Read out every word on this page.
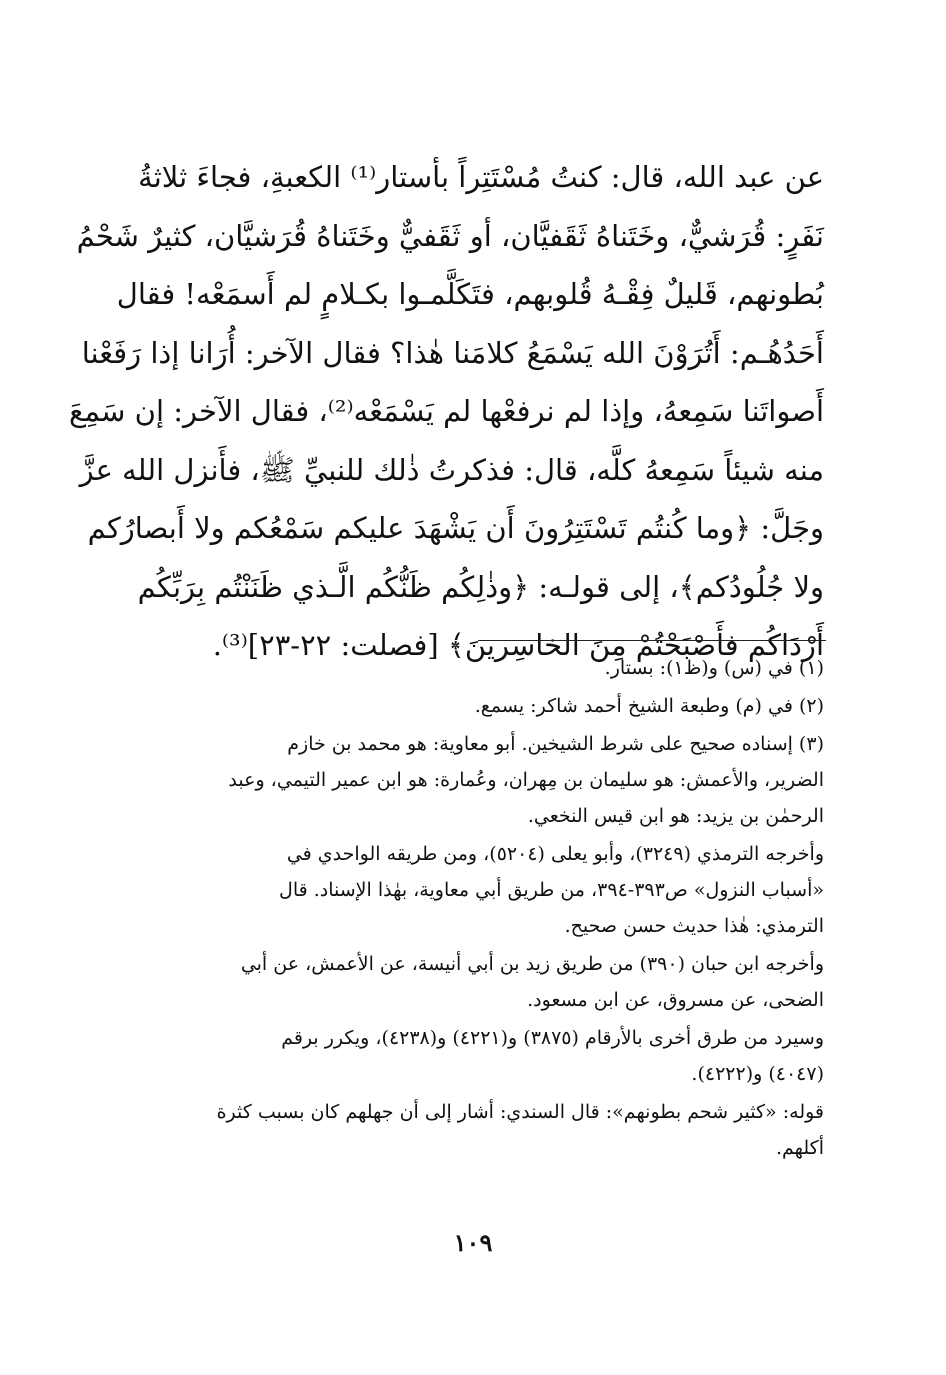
عن عبد الله، قال: كنتُ مُسْتَتِراً بأستار⁽¹⁾ الكعبةِ، فجاءَ ثلاثةُ
نَفَرٍ: قُرَشيٌّ، وخَتَناهُ ثَقَفيَّان، أو ثَقَفيٌّ وخَتَناهُ قُرَشيَّان، كثيرٌ شَحْمُ
بُطونهم، قَليلٌ فِقْـهُ قُلوبهم، فتَكَلَّمـوا بكـلامٍ لم أَسمَعْه! فقال
أَحَدُهُـم: أَتُرَوْنَ الله يَسْمَعُ كلامَنا هٰذا؟ فقال الآخر: أُرَانا إذا رَفَعْنا
أَصواتَنا سَمِعهُ، وإذا لم نرفعْها لم يَسْمَعْه⁽²⁾، فقال الآخر: إن سَمِعَ
منه شيئاً سَمِعهُ كلَّه، قال: فذكرتُ ذٰلك للنبيِّ ﷺ، فأَنزل الله عزَّ
وجَلَّ: ﴿وما كُنتُم تَسْتَتِرُونَ أَن يَشْهَدَ عليكم سَمْعُكم ولا أَبصارُكم
ولا جُلُودُكم﴾، إلى قولـه: ﴿وذٰلِكُم ظَنُّكُم الَّـذي ظَنَنْتُم بِرَبِّكُم
أَرْدَاكُم فأَصْبَحْتُمْ مِنَ الخاسِرينَ﴾ [فصلت: ٢٢-٢٣]⁽³⁾.
(١) في (س) و(ظ١): بستار.
(٢) في (م) وطبعة الشيخ أحمد شاكر: يسمع.
(٣) إسناده صحيح على شرط الشيخين. أبو معاوية: هو محمد بن خازم
الضرير، والأعمش: هو سليمان بن مِهران، وعُمارة: هو ابن عمير التيمي، وعبد
الرحمٰن بن يزيد: هو ابن قيس النخعي.
وأخرجه الترمذي (٣٢٤٩)، وأبو يعلى (٥٢٠٤)، ومن طريقه الواحدي في
«أسباب النزول» ص٣٩٣-٣٩٤، من طريق أبي معاوية، بهٰذا الإسناد. قال
الترمذي: هٰذا حديث حسن صحيح.
وأخرجه ابن حبان (٣٩٠) من طريق زيد بن أبي أنيسة، عن الأعمش، عن أبي
الضحى، عن مسروق، عن ابن مسعود.
وسيرد من طرق أخرى بالأرقام (٣٨٧٥) و(٤٢٢١) و(٤٢٣٨)، ويكرر برقم
(٤٠٤٧) و(٤٢٢٢).
قوله: «كثير شحم بطونهم»: قال السندي: أشار إلى أن جهلهم كان بسبب كثرة
أكلهم.
١٠٩
